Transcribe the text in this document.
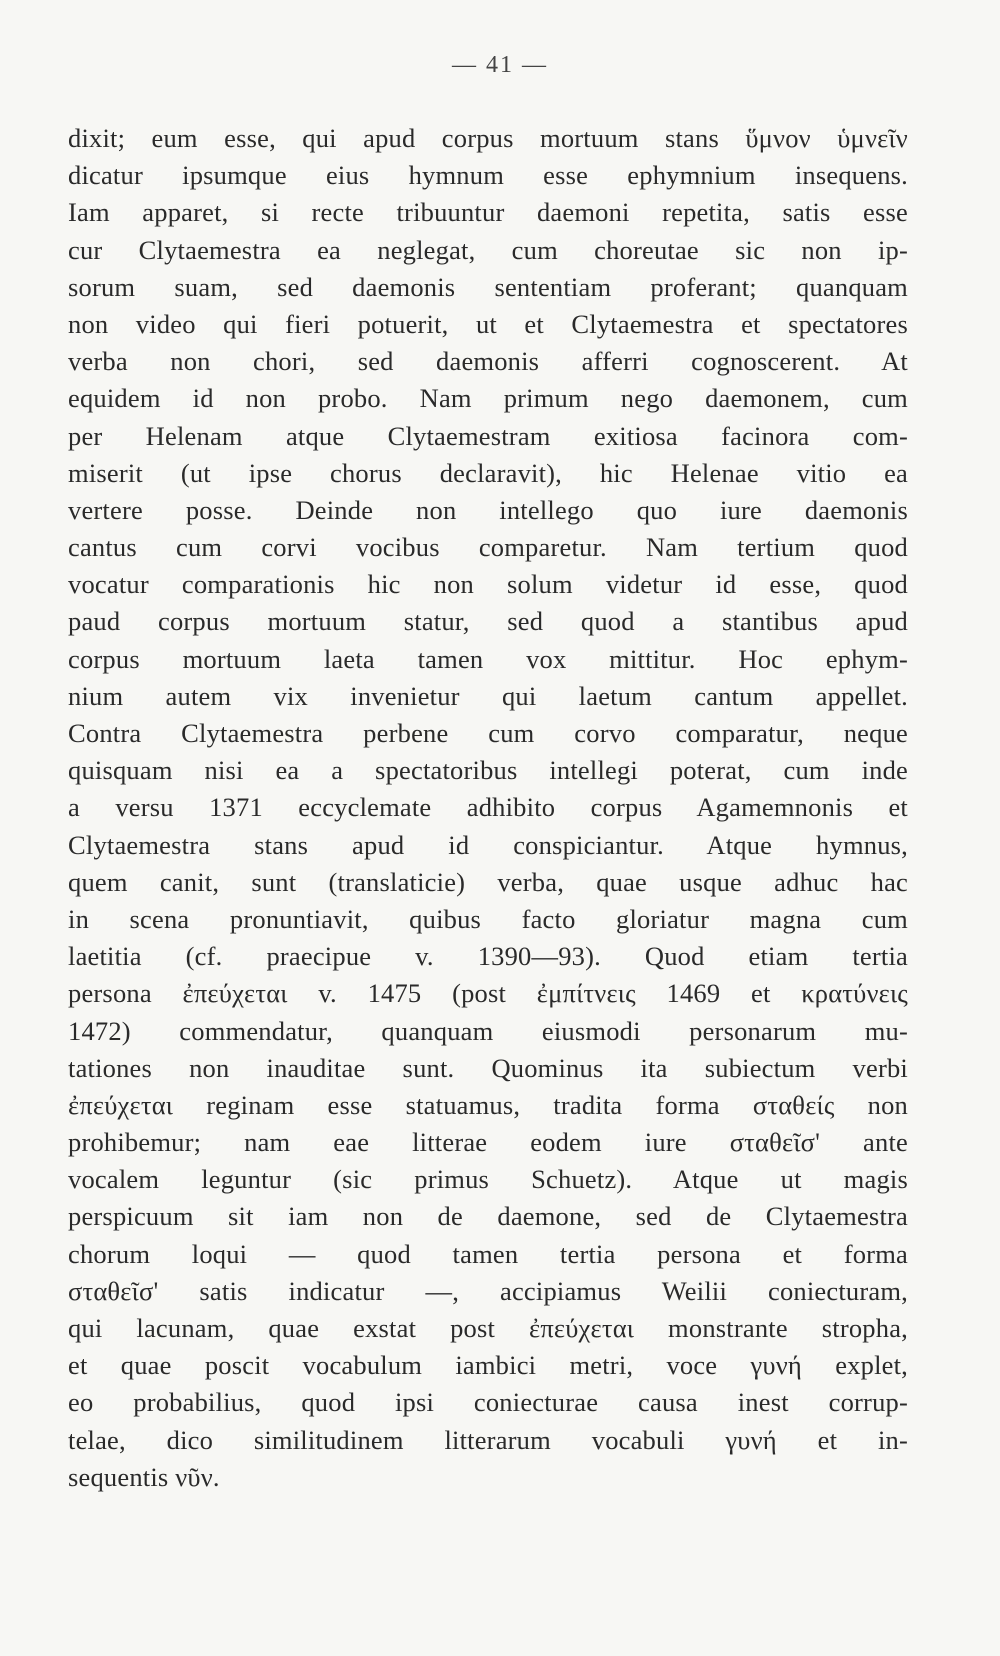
— 41 —
dixit; eum esse, qui apud corpus mortuum stans ὕμνον ὑμνεῖν
dicatur ipsumque eius hymnum esse ephymnium insequens.
Iam apparet, si recte tribuuntur daemoni repetita, satis esse
cur Clytaemestra ea neglegat, cum choreutae sic non ip-
sorum suam, sed daemonis sententiam proferant; quanquam
non video qui fieri potuerit, ut et Clytaemestra et spectatores
verba non chori, sed daemonis afferri cognoscerent. At
equidem id non probo. Nam primum nego daemonem, cum
per Helenam atque Clytaemestram exitiosa facinora com-
miserit (ut ipse chorus declaravit), hic Helenae vitio ea
vertere posse. Deinde non intellego quo iure daemonis
cantus cum corvi vocibus comparetur. Nam tertium quod
vocatur comparationis hic non solum videtur id esse, quod
paud corpus mortuum statur, sed quod a stantibus apud
corpus mortuum laeta tamen vox mittitur. Hoc ephym-
nium autem vix invenietur qui laetum cantum appellet.
Contra Clytaemestra perbene cum corvo comparatur, neque
quisquam nisi ea a spectatoribus intellegi poterat, cum inde
a versu 1371 eccyclemate adhibito corpus Agamemnonis et
Clytaemestra stans apud id conspiciantur. Atque hymnus,
quem canit, sunt (translaticie) verba, quae usque adhuc hac
in scena pronuntiavit, quibus facto gloriatur magna cum
laetitia (cf. praecipue v. 1390—93). Quod etiam tertia
persona ἐπεύχεται v. 1475 (post ἐμπίτνεις 1469 et κρατύνεις
1472) commendatur, quanquam eiusmodi personarum mu-
tationes non inauditae sunt. Quominus ita subiectum verbi
ἐπεύχεται reginam esse statuamus, tradita forma σταθείς non
prohibemur; nam eae litterae eodem iure σταθεῖσ' ante
vocalem leguntur (sic primus Schuetz). Atque ut magis
perspicuum sit iam non de daemone, sed de Clytaemestra
chorum loqui — quod tamen tertia persona et forma
σταθεῖσ' satis indicatur —, accipiamus Weilii coniecturam,
qui lacunam, quae exstat post ἐπεύχεται monstrante stropha,
et quae poscit vocabulum iambici metri, voce γυνή explet,
eo probabilius, quod ipsi coniecturae causa inest corrup-
telae, dico similitudinem litterarum vocabuli γυνή et in-
sequentis νῦν.
